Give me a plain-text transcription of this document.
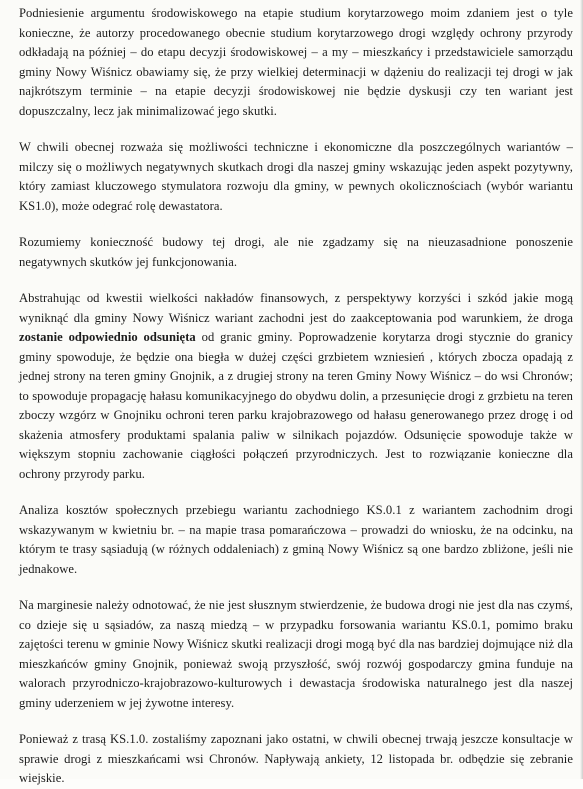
Podniesienie argumentu środowiskowego na etapie studium korytarzowego moim zdaniem jest o tyle konieczne, że autorzy procedowanego obecnie studium korytarzowego drogi względy ochrony przyrody odkładają na później – do etapu decyzji środowiskowej – a my – mieszkańcy i przedstawiciele samorządu gminy Nowy Wiśnicz obawiamy się, że przy wielkiej determinacji w dążeniu do realizacji tej drogi w jak najkrótszym terminie – na etapie decyzji środowiskowej nie będzie dyskusji czy ten wariant jest dopuszczalny, lecz jak minimalizować jego skutki.

W chwili obecnej rozważa się możliwości techniczne i ekonomiczne dla poszczególnych wariantów – milczy się o możliwych negatywnych skutkach drogi dla naszej gminy wskazując jeden aspekt pozytywny, który zamiast kluczowego stymulatora rozwoju dla gminy, w pewnych okolicznościach (wybór wariantu KS1.0), może odegrać rolę dewastatora.

Rozumiemy konieczność budowy tej drogi, ale nie zgadzamy się na nieuzasadnione ponoszenie negatywnych skutków jej funkcjonowania.

Abstrahując od kwestii wielkości nakładów finansowych, z perspektywy korzyści i szkód jakie mogą wyniknąć dla gminy Nowy Wiśnicz wariant zachodni jest do zaakceptowania pod warunkiem, że droga zostanie odpowiednio odsunięta od granic gminy. Poprowadzenie korytarza drogi stycznie do granicy gminy spowoduje, że będzie ona biegła w dużej części grzbietem wzniesień , których zbocza opadają z jednej strony na teren gminy Gnojnik, a z drugiej strony na teren Gminy Nowy Wiśnicz – do wsi Chronów; to spowoduje propagację hałasu komunikacyjnego do obydwu dolin, a przesunięcie drogi z grzbietu na teren zboczy wzgórz w Gnojniku ochroni teren parku krajobrazowego od hałasu generowanego przez drogę i od skażenia atmosfery produktami spalania paliw w silnikach pojazdów. Odsunięcie spowoduje także w większym stopniu zachowanie ciągłości połączeń przyrodniczych. Jest to rozwiązanie konieczne dla ochrony przyrody parku.

Analiza kosztów społecznych przebiegu wariantu zachodniego KS.0.1 z wariantem zachodnim drogi wskazywanym w kwietniu br. – na mapie trasa pomarańczowa – prowadzi do wniosku, że na odcinku, na którym te trasy sąsiadują (w różnych oddaleniach) z gminą Nowy Wiśnicz są one bardzo zbliżone, jeśli nie jednakowe.

Na marginesie należy odnotować, że nie jest słusznym stwierdzenie, że budowa drogi nie jest dla nas czymś, co dzieje się u sąsiadów, za naszą miedzą – w przypadku forsowania wariantu KS.0.1, pomimo braku zajętości terenu w gminie Nowy Wiśnicz skutki realizacji drogi mogą być dla nas bardziej dojmujące niż dla mieszkańców gminy Gnojnik, ponieważ swoją przyszłość, swój rozwój gospodarczy gmina funduje na walorach przyrodniczo-krajobrazowo-kulturowych i dewastacja środowiska naturalnego jest dla naszej gminy uderzeniem w jej żywotne interesy.

Ponieważ z trasą KS.1.0. zostaliśmy zapoznani jako ostatni, w chwili obecnej trwają jeszcze konsultacje w sprawie drogi z mieszkańcami wsi Chronów. Napływają ankiety, 12 listopada br. odbędzie się zebranie wiejskie.
